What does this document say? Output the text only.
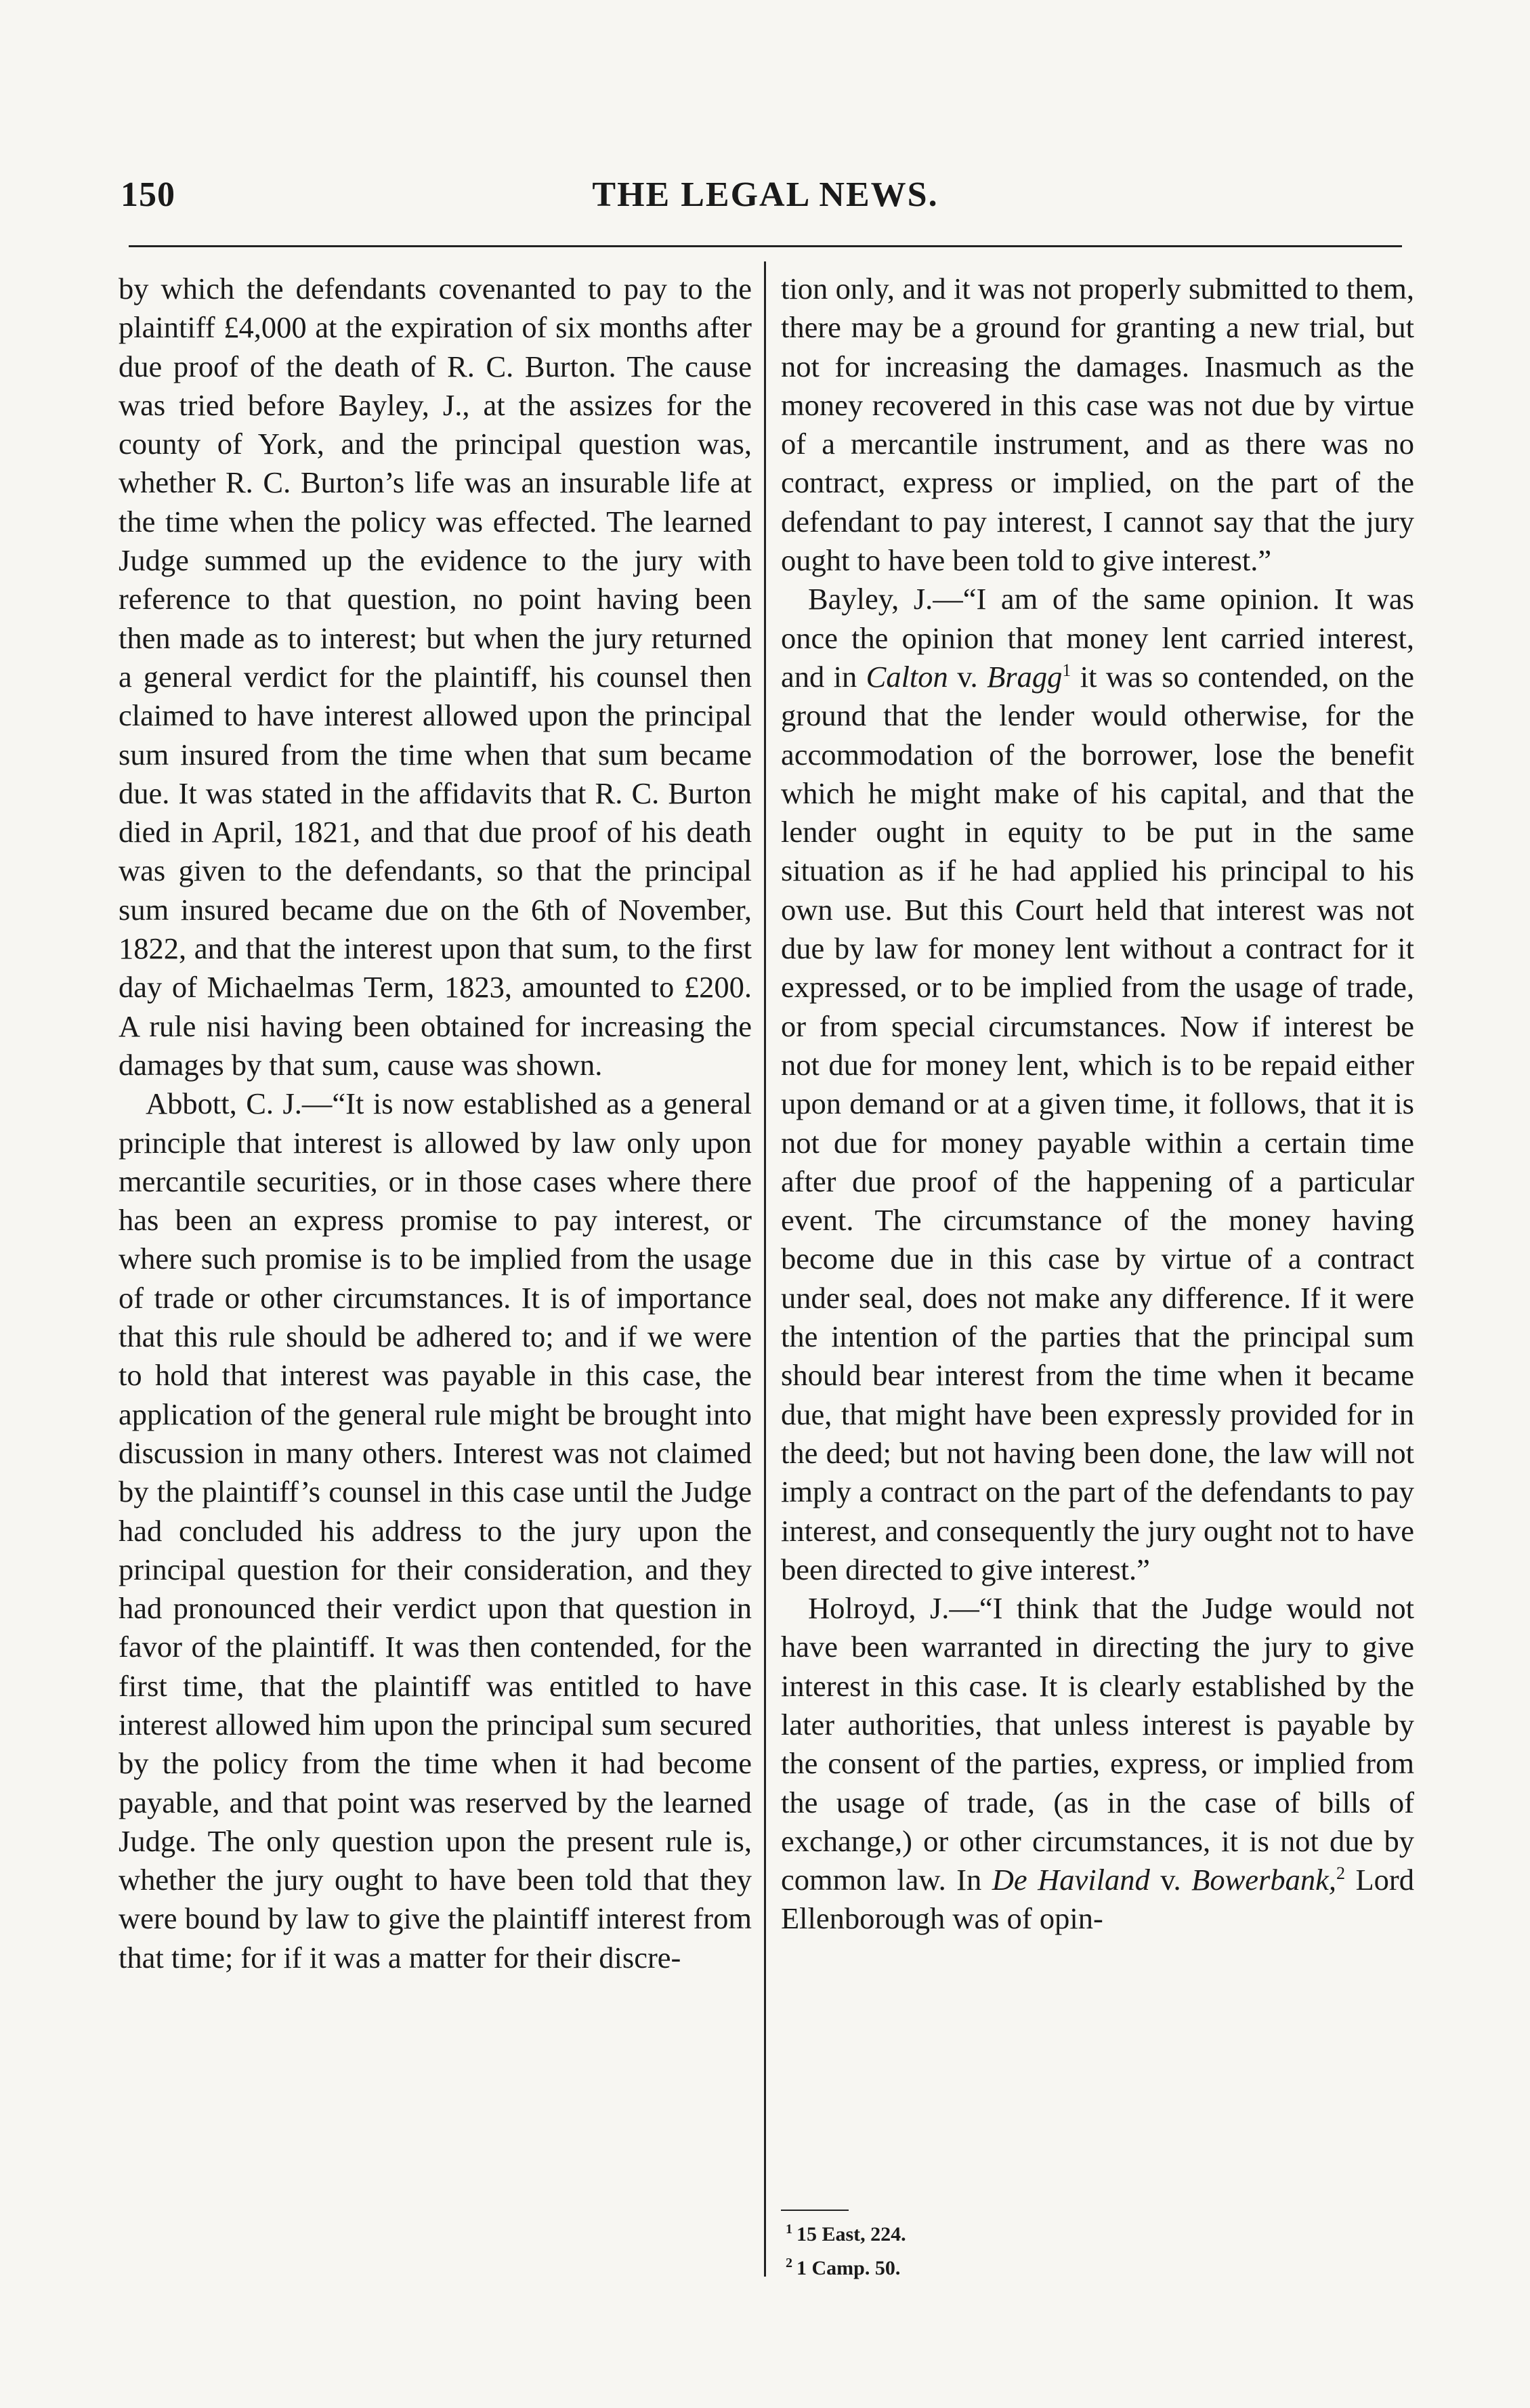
150	THE LEGAL NEWS.

by which the defendants covenanted to pay to the plaintiff £4,000 at the expiration of six months after due proof of the death of R. C. Burton. The cause was tried before Bayley, J., at the assizes for the county of York, and the principal question was, whether R. C. Burton’s life was an insurable life at the time when the policy was effected. The learned Judge summed up the evidence to the jury with reference to that question, no point having been then made as to interest; but when the jury returned a general verdict for the plaintiff, his counsel then claimed to have interest allowed upon the principal sum insured from the time when that sum became due. It was stated in the affidavits that R. C. Burton died in April, 1821, and that due proof of his death was given to the defendants, so that the principal sum insured became due on the 6th of November, 1822, and that the interest upon that sum, to the first day of Michaelmas Term, 1823, amounted to £200. A rule nisi having been obtained for increasing the damages by that sum, cause was shown.

Abbott, C. J.—“It is now established as a general principle that interest is allowed by law only upon mercantile securities, or in those cases where there has been an express promise to pay interest, or where such promise is to be implied from the usage of trade or other circumstances. It is of importance that this rule should be adhered to; and if we were to hold that interest was payable in this case, the application of the general rule might be brought into discussion in many others. Interest was not claimed by the plaintiff’s counsel in this case until the Judge had concluded his address to the jury upon the principal question for their consideration, and they had pronounced their verdict upon that question in favor of the plaintiff. It was then contended, for the first time, that the plaintiff was entitled to have interest allowed him upon the principal sum secured by the policy from the time when it had become payable, and that point was reserved by the learned Judge. The only question upon the present rule is, whether the jury ought to have been told that they were bound by law to give the plaintiff interest from that time; for if it was a matter for their discre-

tion only, and it was not properly submitted to them, there may be a ground for granting a new trial, but not for increasing the damages. Inasmuch as the money recovered in this case was not due by virtue of a mercantile instrument, and as there was no contract, express or implied, on the part of the defendant to pay interest, I cannot say that the jury ought to have been told to give interest.”

Bayley, J.—“I am of the same opinion. It was once the opinion that money lent carried interest, and in Calton v. Bragg$^1$ it was so contended, on the ground that the lender would otherwise, for the accommodation of the borrower, lose the benefit which he might make of his capital, and that the lender ought in equity to be put in the same situation as if he had applied his principal to his own use. But this Court held that interest was not due by law for money lent without a contract for it expressed, or to be implied from the usage of trade, or from special circumstances. Now if interest be not due for money lent, which is to be repaid either upon demand or at a given time, it follows, that it is not due for money payable within a certain time after due proof of the happening of a particular event. The circumstance of the money having become due in this case by virtue of a contract under seal, does not make any difference. If it were the intention of the parties that the principal sum should bear interest from the time when it became due, that might have been expressly provided for in the deed; but not having been done, the law will not imply a contract on the part of the defendants to pay interest, and consequently the jury ought not to have been directed to give interest.”

Holroyd, J.—“I think that the Judge would not have been warranted in directing the jury to give interest in this case. It is clearly established by the later authorities, that unless interest is payable by the consent of the parties, express, or implied from the usage of trade, (as in the case of bills of exchange,) or other circumstances, it is not due by common law. In De Haviland v. Bowerbank,$^2$ Lord Ellenborough was of opin-

$^1$ 15 East, 224.
$^2$ 1 Camp. 50.
